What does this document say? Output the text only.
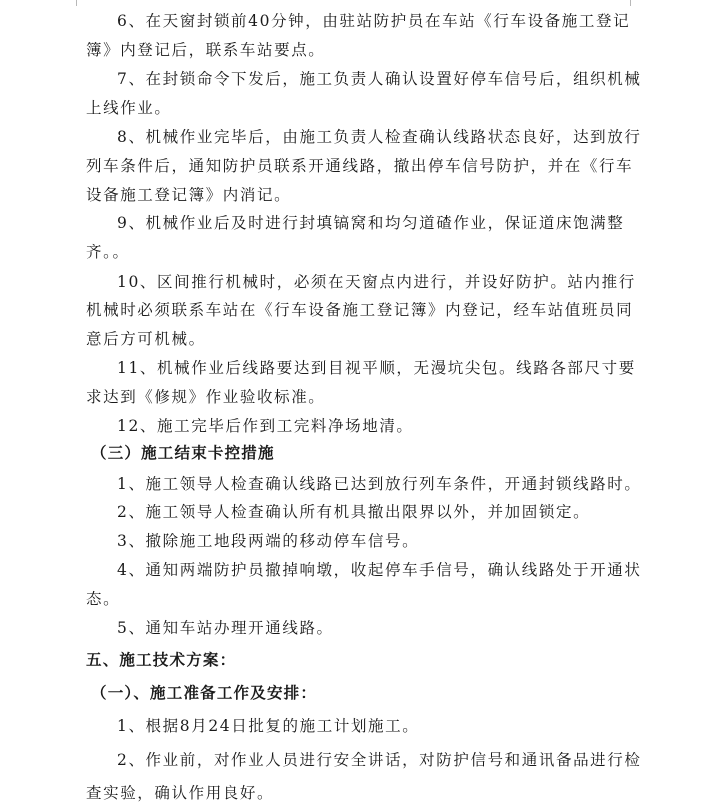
6、在天窗封锁前40分钟，由驻站防护员在车站《行车设备施工登记
簿》内登记后，联系车站要点。
7、在封锁命令下发后，施工负责人确认设置好停车信号后，组织机械
上线作业。
8、机械作业完毕后，由施工负责人检查确认线路状态良好，达到放行
列车条件后，通知防护员联系开通线路，撤出停车信号防护，并在《行车
设备施工登记簿》内消记。
9、机械作业后及时进行封填镐窝和均匀道碴作业，保证道床饱满整
齐。。
10、区间推行机械时，必须在天窗点内进行，并设好防护。站内推行
机械时必须联系车站在《行车设备施工登记簿》内登记，经车站值班员同
意后方可机械。
11、机械作业后线路要达到目视平顺，无漫坑尖包。线路各部尺寸要
求达到《修规》作业验收标准。
12、施工完毕后作到工完料净场地清。
（三）施工结束卡控措施
1、施工领导人检查确认线路已达到放行列车条件，开通封锁线路时。
2、施工领导人检查确认所有机具撤出限界以外，并加固锁定。
3、撤除施工地段两端的移动停车信号。
4、通知两端防护员撤掉响墩，收起停车手信号，确认线路处于开通状
态。
5、通知车站办理开通线路。
五、施工技术方案：
（一）、施工准备工作及安排：
1、根据8月24日批复的施工计划施工。
2、作业前，对作业人员进行安全讲话，对防护信号和通讯备品进行检
查实验，确认作用良好。
